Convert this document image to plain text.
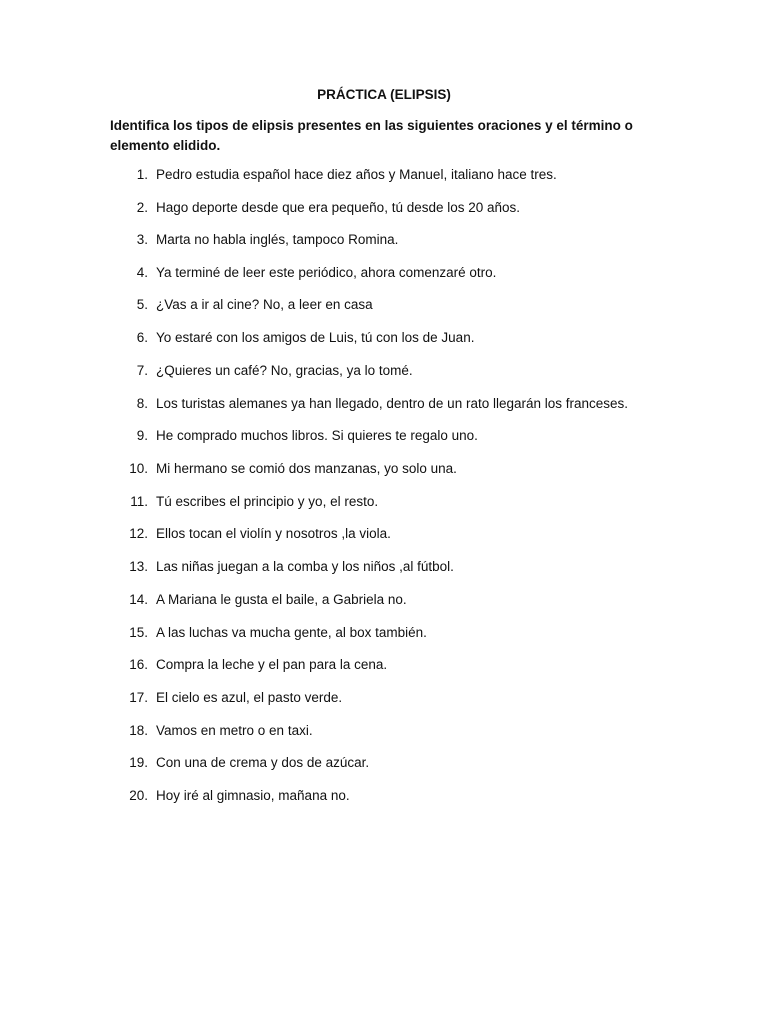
PRÁCTICA (ELIPSIS)
Identifica los tipos de elipsis presentes en las siguientes oraciones y el término o elemento elidido.
1. Pedro estudia español hace diez años y Manuel, italiano hace tres.
2. Hago deporte desde que era pequeño, tú desde los 20 años.
3. Marta no habla inglés, tampoco Romina.
4. Ya terminé de leer este periódico, ahora comenzaré otro.
5. ¿Vas a ir al cine? No, a leer en casa
6. Yo estaré con los amigos de Luis, tú con los de Juan.
7. ¿Quieres un café? No, gracias, ya lo tomé.
8. Los turistas alemanes ya han llegado, dentro de un rato llegarán los franceses.
9. He comprado muchos libros. Si quieres te regalo uno.
10. Mi hermano se comió dos manzanas, yo solo una.
11. Tú escribes el principio y yo, el resto.
12. Ellos tocan el violín y nosotros ,la viola.
13. Las niñas juegan a la comba y los niños ,al fútbol.
14. A Mariana le gusta el baile, a Gabriela no.
15. A las luchas va mucha gente, al box también.
16. Compra la leche y el pan para la cena.
17. El cielo es azul, el pasto verde.
18. Vamos en metro o en taxi.
19. Con una de crema y dos de azúcar.
20. Hoy iré al gimnasio, mañana no.
